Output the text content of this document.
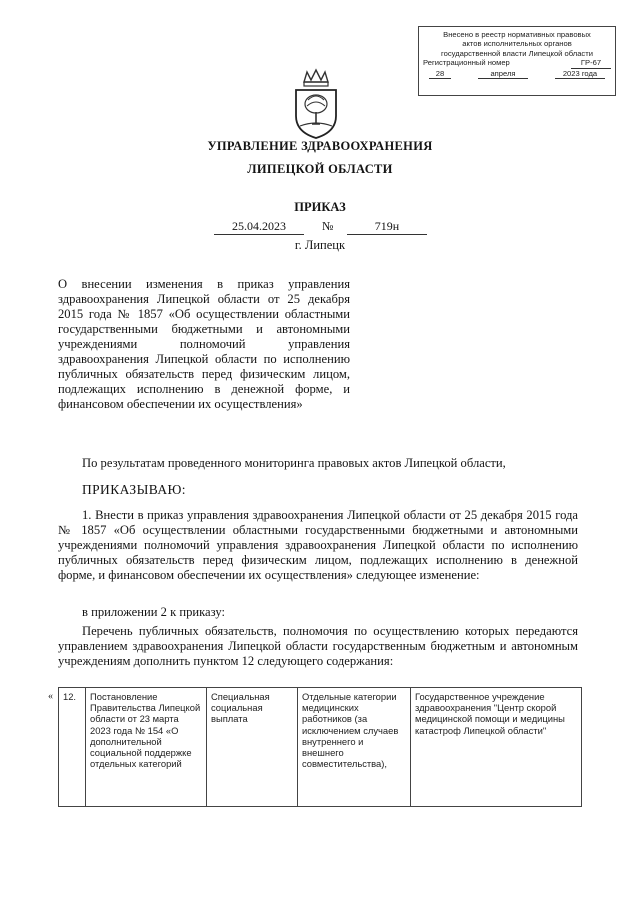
Внесено в реестр нормативных правовых
актов исполнительных органов
государственной власти Липецкой области
Регистрационный номер	ГР-67
28	апреля	2023 года
УПРАВЛЕНИЕ ЗДРАВООХРАНЕНИЯ
ЛИПЕЦКОЙ ОБЛАСТИ
ПРИКАЗ
25.04.2023	№	719н
г. Липецк
О внесении изменения в приказ управления здравоохранения Липецкой области от 25 декабря 2015 года № 1857 «Об осуществлении областными государственными бюджетными и автономными учреждениями полномочий управления здравоохранения Липецкой области по исполнению публичных обязательств перед физическим лицом, подлежащих исполнению в денежной форме, и финансовом обеспечении их осуществления»
По результатам проведенного мониторинга правовых актов Липецкой области,
ПРИКАЗЫВАЮ:
1. Внести в приказ управления здравоохранения Липецкой области от 25 декабря 2015 года № 1857 «Об осуществлении областными государственными бюджетными и автономными учреждениями полномочий управления здравоохранения Липецкой области по исполнению публичных обязательств перед физическим лицом, подлежащих исполнению в денежной форме, и финансовом обеспечении их осуществления» следующее изменение:
в приложении 2 к приказу:
Перечень публичных обязательств, полномочия по осуществлению которых передаются управлением здравоохранения Липецкой области государственным бюджетным и автономным учреждениям дополнить пунктом 12 следующего содержания:
« 12.	Постановление Правительства Липецкой области от 23 марта 2023 года № 154 «О дополнительной социальной поддержке отдельных категорий	Специальная социальная выплата	Отдельные категории медицинских работников (за исключением случаев внутреннего и внешнего совместительства),	Государственное учреждение здравоохранения "Центр скорой медицинской помощи и медицины катастроф Липецкой области"
